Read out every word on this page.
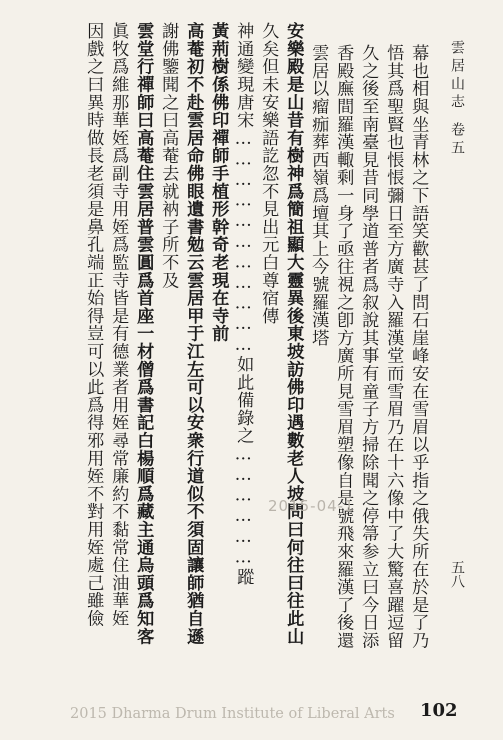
雲居山志
卷五
五八
幕也相與坐青林之下語笑歡甚了問石崖峰安在雪眉以乎指之俄失所在於是了乃
悟其爲聖賢也悵悵彌日至方廣寺入羅漢堂而雪眉乃在十六像中了大驚喜躍逗留
久之後至南臺見昔同學道普者爲叙說其事有童子方掃除聞之停箒参立曰今日添
香殿廡間羅漢輙剩一身了亟往視之卽方廣所見雪眉塑像自是號飛來羅漢了後還
雲居以瘤痂葬西嶺爲壇其上今號羅漢塔
安樂殿是山昔有樹神爲簡祖顯大靈異後東坡訪佛印遇數老人坡問曰何往曰往此山
久矣但未安樂語訖忽不見出元白尊宿傳
神通變現唐宋……………………………如此備錄之………………蹤
黃荊樹係佛印禪師手植形幹奇老現在寺前
高菴初不赴雲居命佛眼遺書勉云雲居甲于江左可以安衆行道似不須固讓師猶自遜
謝佛鑒聞之曰高菴去就衲子所不及
雲堂行禪師曰高菴住雲居普雲圓爲首座一材僧爲書記白楊順爲藏主通烏頭爲知客
眞牧爲維那華姪爲副寺用姪爲監寺皆是有德業者用姪尋常廉約不黏常住油華姪
因戲之曰異時做長老須是鼻孔端正始得豈可以此爲得邪用姪不對用姪處己雖儉	2015-04-1
2015 Dharma Drum Institute of Liberal Arts 102
